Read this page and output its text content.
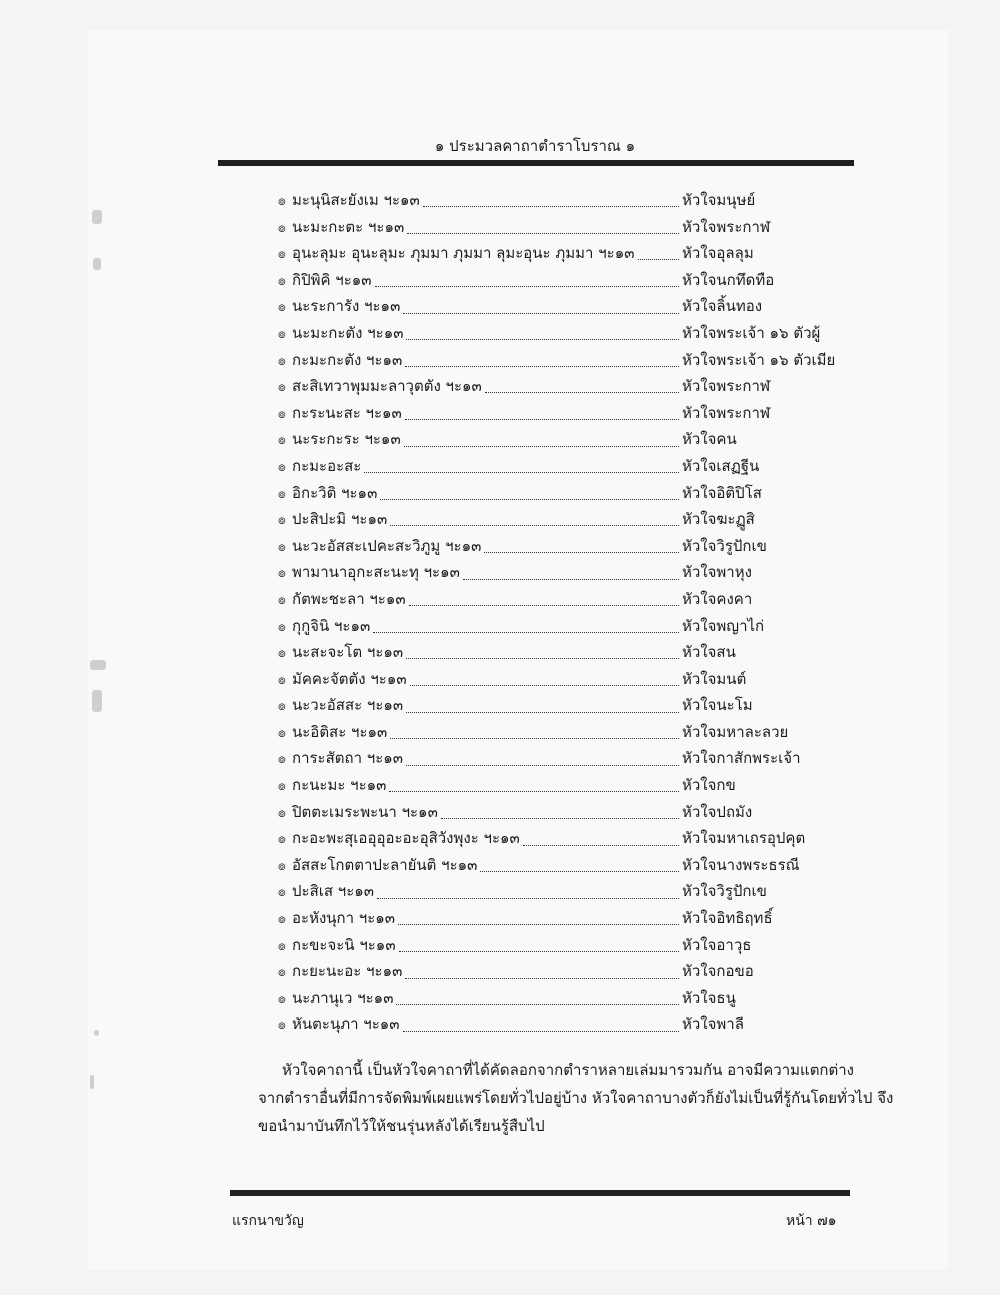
๑ ประมวลคาถาตำราโบราณ ๑
๏ มะนุนิสะยังเม ฯะ๑๓	หัวใจมนุษย์
๏ นะมะกะตะ ฯะ๑๓	หัวใจพระกาฬ
๏ อุนะลุมะ อุนะลุมะ ภุมมา ภุมมา ลุมะอุนะ ภุมมา ฯะ๑๓	หัวใจอุลลุม
๏ กิปิพิคิ ฯะ๑๓	หัวใจนกทึดทือ
๏ นะระการัง ฯะ๑๓	หัวใจลิ้นทอง
๏ นะมะกะตัง ฯะ๑๓	หัวใจพระเจ้า ๑๖ ตัวผู้
๏ กะมะกะตัง ฯะ๑๓	หัวใจพระเจ้า ๑๖ ตัวเมีย
๏ สะสิเทวาพุมมะลาวุตตัง ฯะ๑๓	หัวใจพระกาฬ
๏ กะระนะสะ ฯะ๑๓	หัวใจพระกาฬ
๏ นะระกะระ ฯะ๑๓	หัวใจคน
๏ กะมะอะสะ	หัวใจเสฏฐีน
๏ อิกะวิติ ฯะ๑๓	หัวใจอิติปิโส
๏ ปะสิปะมิ ฯะ๑๓	หัวใจฆะฏูสิ
๏ นะวะอัสสะเปคะสะวิภูมู ฯะ๑๓	หัวใจวิรูปักเข
๏ พามานาอุกะสะนะทุ ฯะ๑๓	หัวใจพาหุง
๏ กัตพะชะลา ฯะ๑๓	หัวใจคงคา
๏ กุกูจินิ ฯะ๑๓	หัวใจพญาไก่
๏ นะสะจะโต ฯะ๑๓	หัวใจสน
๏ มัคคะจัตตัง ฯะ๑๓	หัวใจมนต์
๏ นะวะอัสสะ ฯะ๑๓	หัวใจนะโม
๏ นะอิติสะ ฯะ๑๓	หัวใจมหาละลวย
๏ การะสัตถา ฯะ๑๓	หัวใจกาสักพระเจ้า
๏ กะนะมะ ฯะ๑๓	หัวใจกข
๏ ปิตตะเมระพะนา ฯะ๑๓	หัวใจปถมัง
๏ กะอะพะสุเออุอุอะอะอุสิวังพุงะ ฯะ๑๓	หัวใจมหาเถรอุปคุต
๏ อัสสะโกตตาปะลายันติ ฯะ๑๓	หัวใจนางพระธรณี
๏ ปะสิเส ฯะ๑๓	หัวใจวิรูปักเข
๏ อะหังนุกา ฯะ๑๓	หัวใจอิทธิฤทธิ์
๏ กะขะจะนิ ฯะ๑๓	หัวใจอาวุธ
๏ กะยะนะอะ ฯะ๑๓	หัวใจกอขอ
๏ นะภานุเว ฯะ๑๓	หัวใจธนู
๏ หันตะนุภา ฯะ๑๓	หัวใจพาลี
หัวใจคาถานี้ เป็นหัวใจคาถาที่ได้คัดลอกจากตำราหลายเล่มมารวมกัน อาจมีความแตกต่าง
จากตำราอื่นที่มีการจัดพิมพ์เผยแพร่โดยทั่วไปอยู่บ้าง หัวใจคาถาบางตัวก็ยังไม่เป็นที่รู้กันโดยทั่วไป จึง
ขอนำมาบันทึกไว้ให้ชนรุ่นหลังได้เรียนรู้สืบไป
แรกนาขวัญ	หน้า ๗๑
